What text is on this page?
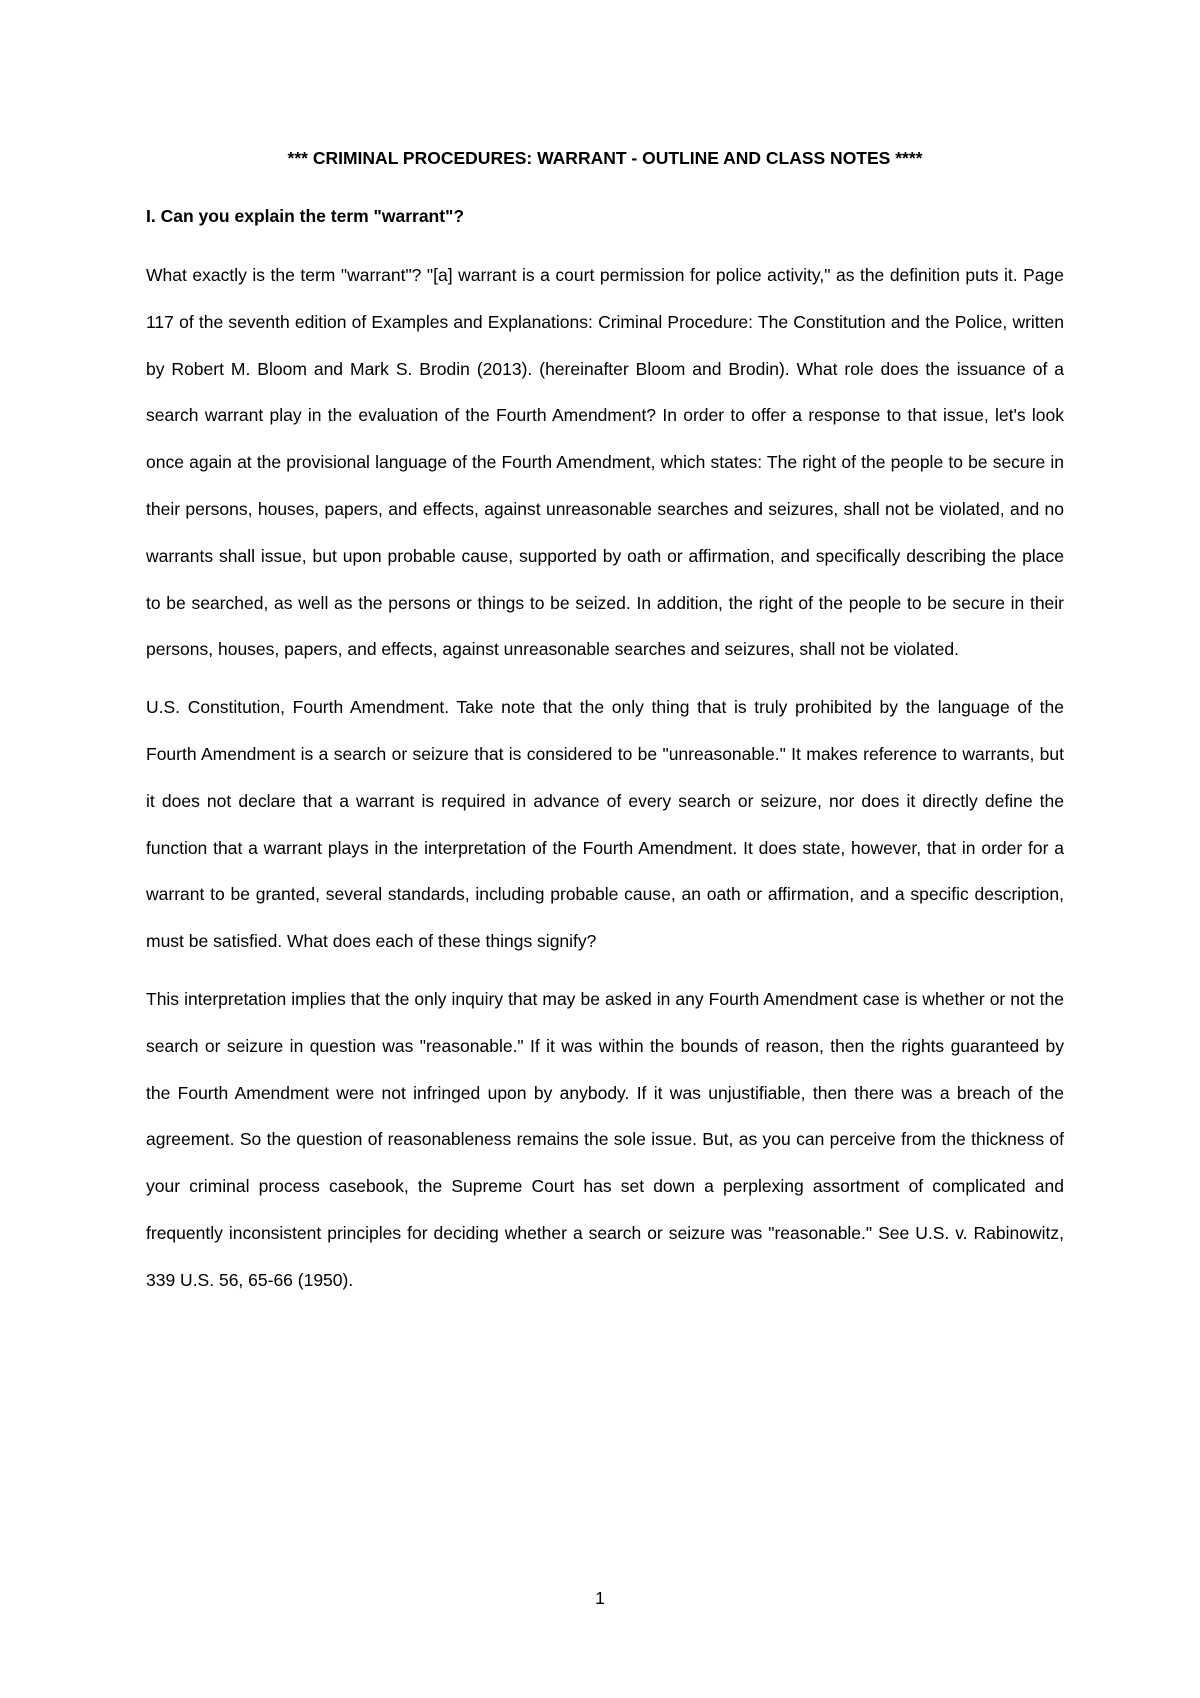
*** CRIMINAL PROCEDURES: WARRANT - OUTLINE AND CLASS NOTES ****
I. Can you explain the term "warrant"?

What exactly is the term "warrant"? "[a] warrant is a court permission for police activity," as the definition puts it. Page 117 of the seventh edition of Examples and Explanations: Criminal Procedure: The Constitution and the Police, written by Robert M. Bloom and Mark S. Brodin (2013). (hereinafter Bloom and Brodin). What role does the issuance of a search warrant play in the evaluation of the Fourth Amendment? In order to offer a response to that issue, let's look once again at the provisional language of the Fourth Amendment, which states: The right of the people to be secure in their persons, houses, papers, and effects, against unreasonable searches and seizures, shall not be violated, and no warrants shall issue, but upon probable cause, supported by oath or affirmation, and specifically describing the place to be searched, as well as the persons or things to be seized. In addition, the right of the people to be secure in their persons, houses, papers, and effects, against unreasonable searches and seizures, shall not be violated.

U.S. Constitution, Fourth Amendment. Take note that the only thing that is truly prohibited by the language of the Fourth Amendment is a search or seizure that is considered to be "unreasonable." It makes reference to warrants, but it does not declare that a warrant is required in advance of every search or seizure, nor does it directly define the function that a warrant plays in the interpretation of the Fourth Amendment. It does state, however, that in order for a warrant to be granted, several standards, including probable cause, an oath or affirmation, and a specific description, must be satisfied. What does each of these things signify?

This interpretation implies that the only inquiry that may be asked in any Fourth Amendment case is whether or not the search or seizure in question was "reasonable." If it was within the bounds of reason, then the rights guaranteed by the Fourth Amendment were not infringed upon by anybody. If it was unjustifiable, then there was a breach of the agreement. So the question of reasonableness remains the sole issue. But, as you can perceive from the thickness of your criminal process casebook, the Supreme Court has set down a perplexing assortment of complicated and frequently inconsistent principles for deciding whether a search or seizure was "reasonable." See U.S. v. Rabinowitz, 339 U.S. 56, 65-66 (1950).

1
